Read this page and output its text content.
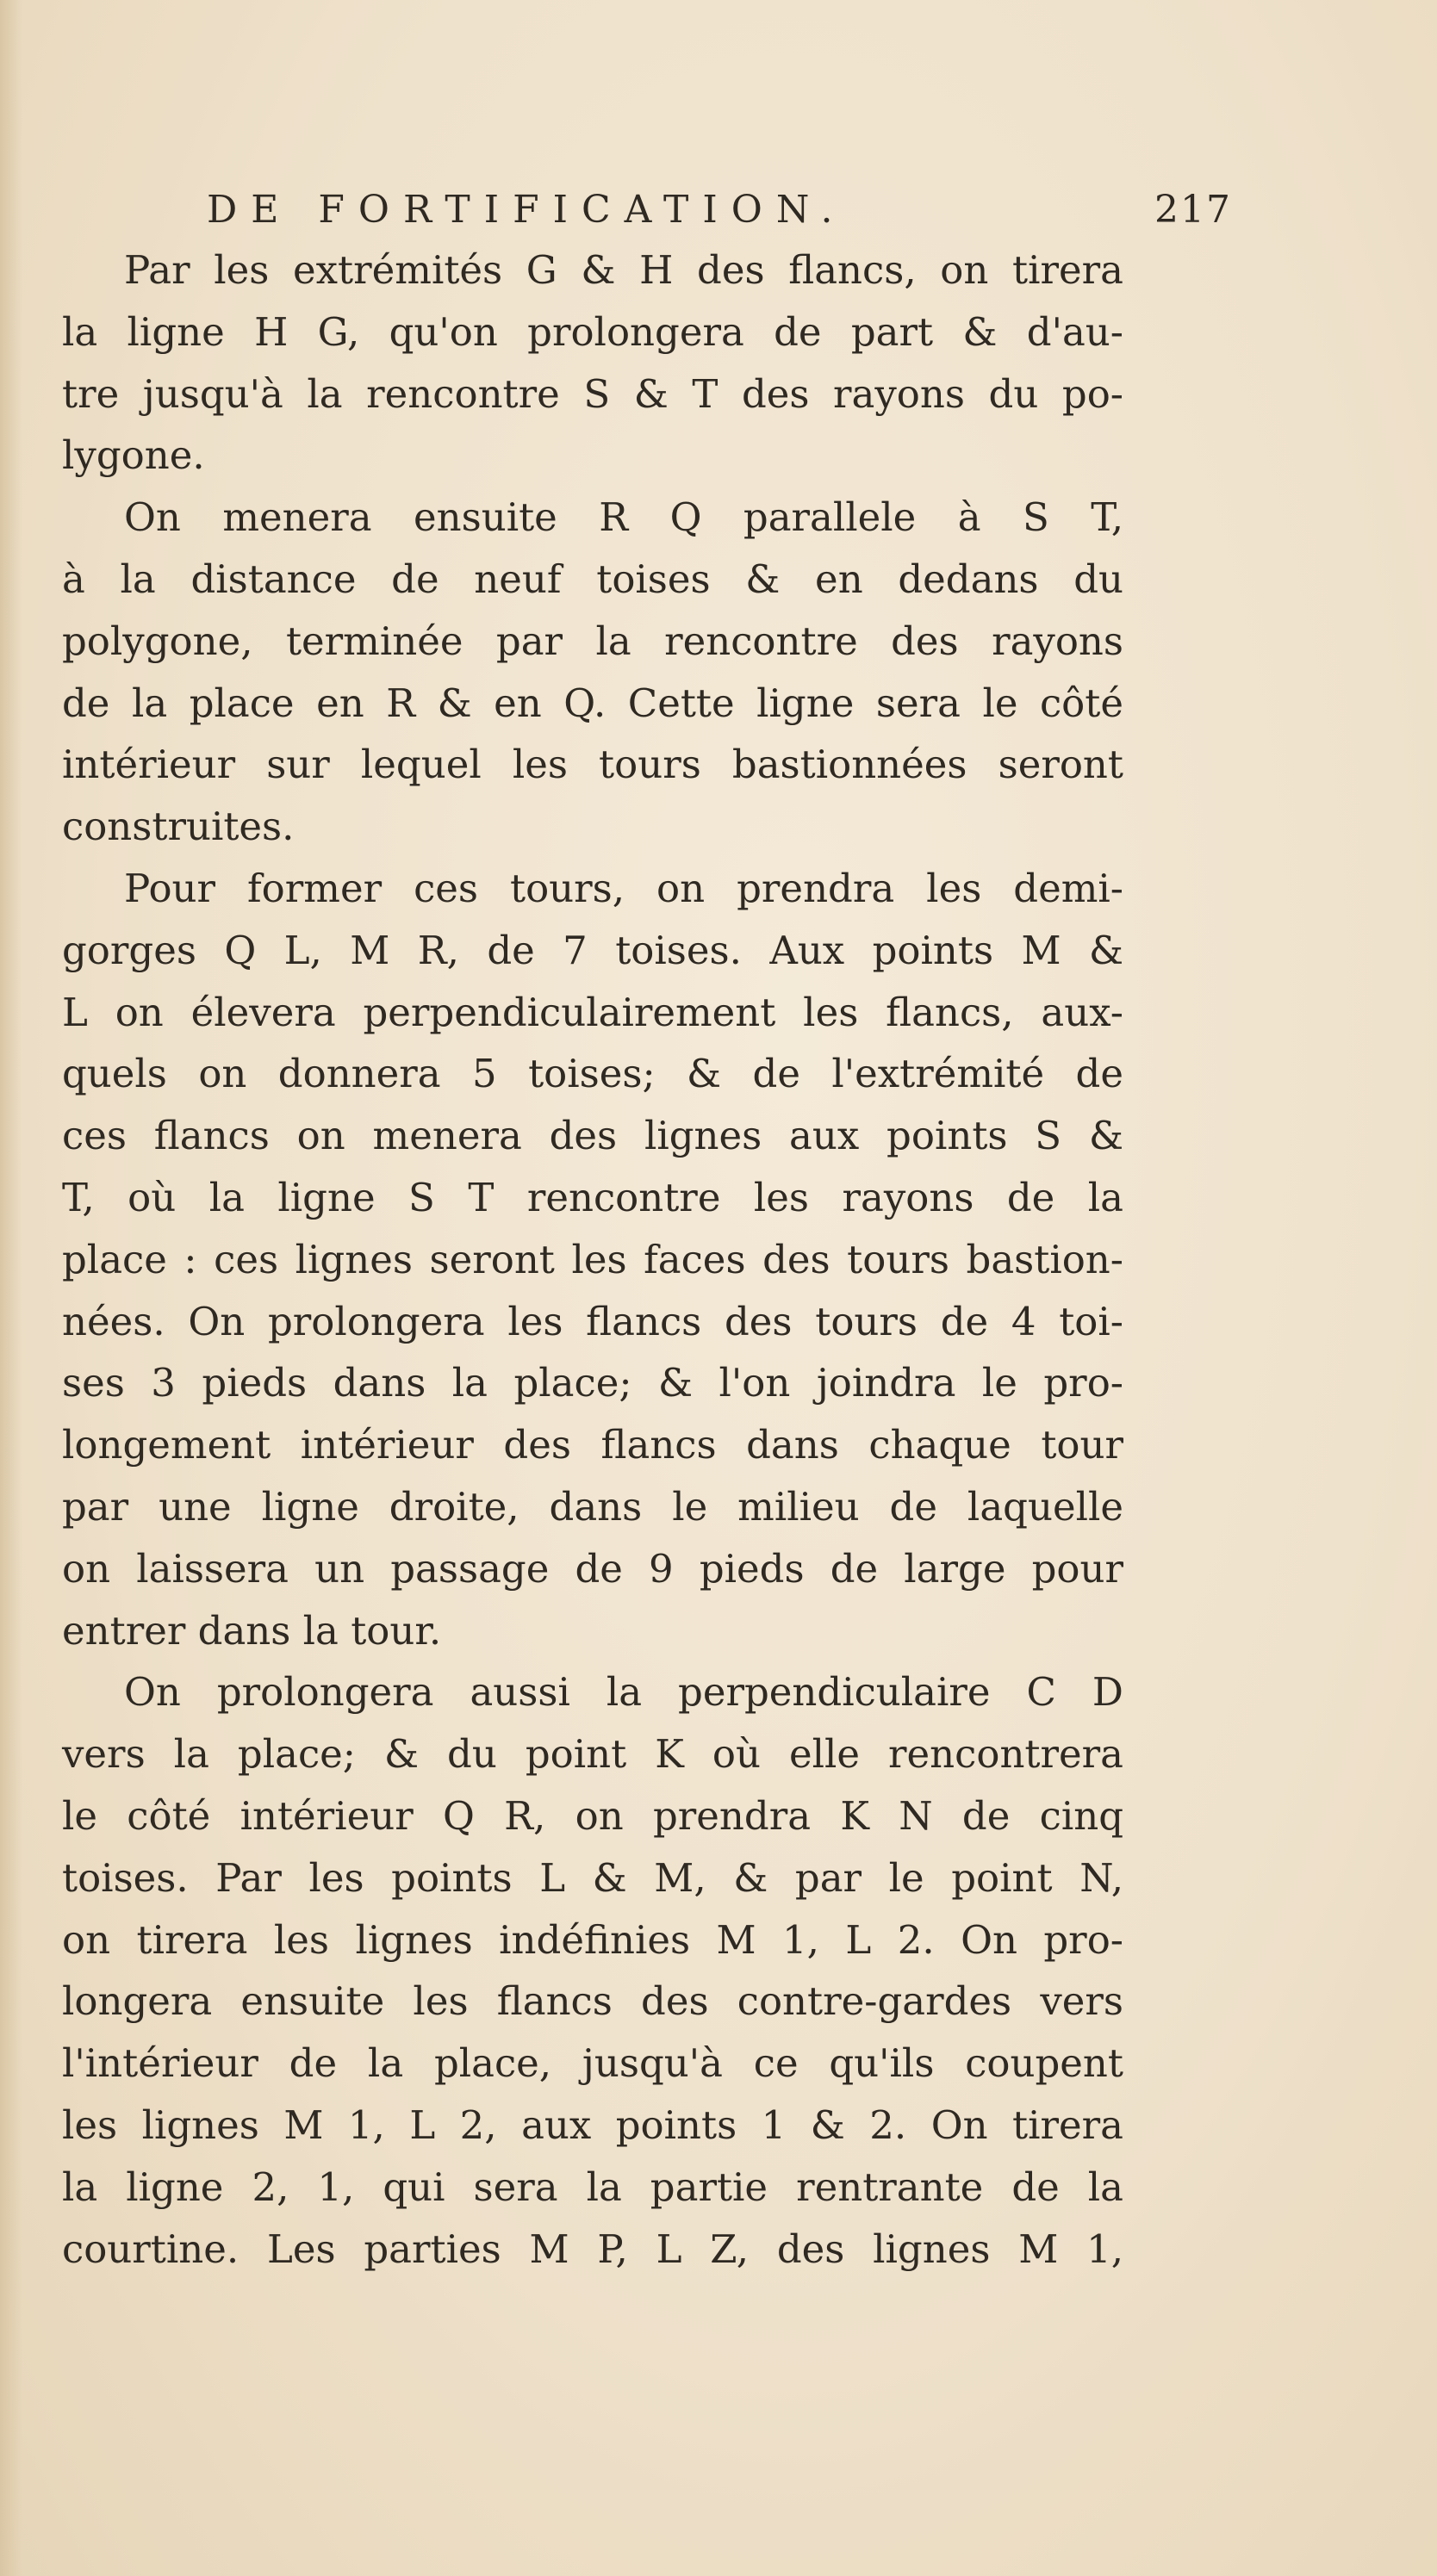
DE FORTIFICATION.	217
Par les extrémités G & H des flancs, on tirera
la ligne H G, qu'on prolongera de part & d'au-
tre jusqu'à la rencontre S & T des rayons du po-
lygone.
On menera ensuite R Q parallele à S T,
à la distance de neuf toises & en dedans du
polygone, terminée par la rencontre des rayons
de la place en R & en Q. Cette ligne sera le côté
intérieur sur lequel les tours bastionnées seront
construites.
Pour former ces tours, on prendra les demi-
gorges Q L, M R, de 7 toises. Aux points M &
L on élevera perpendiculairement les flancs, aux-
quels on donnera 5 toises; & de l'extrémité de
ces flancs on menera des lignes aux points S &
T, où la ligne S T rencontre les rayons de la
place : ces lignes seront les faces des tours bastion-
nées. On prolongera les flancs des tours de 4 toi-
ses 3 pieds dans la place; & l'on joindra le pro-
longement intérieur des flancs dans chaque tour
par une ligne droite, dans le milieu de laquelle
on laissera un passage de 9 pieds de large pour
entrer dans la tour.
On prolongera aussi la perpendiculaire C D
vers la place; & du point K où elle rencontrera
le côté intérieur Q R, on prendra K N de cinq
toises. Par les points L & M, & par le point N,
on tirera les lignes indéfinies M 1, L 2. On pro-
longera ensuite les flancs des contre-gardes vers
l'intérieur de la place, jusqu'à ce qu'ils coupent
les lignes M 1, L 2, aux points 1 & 2. On tirera
la ligne 2, 1, qui sera la partie rentrante de la
courtine. Les parties M P, L Z, des lignes M 1,
